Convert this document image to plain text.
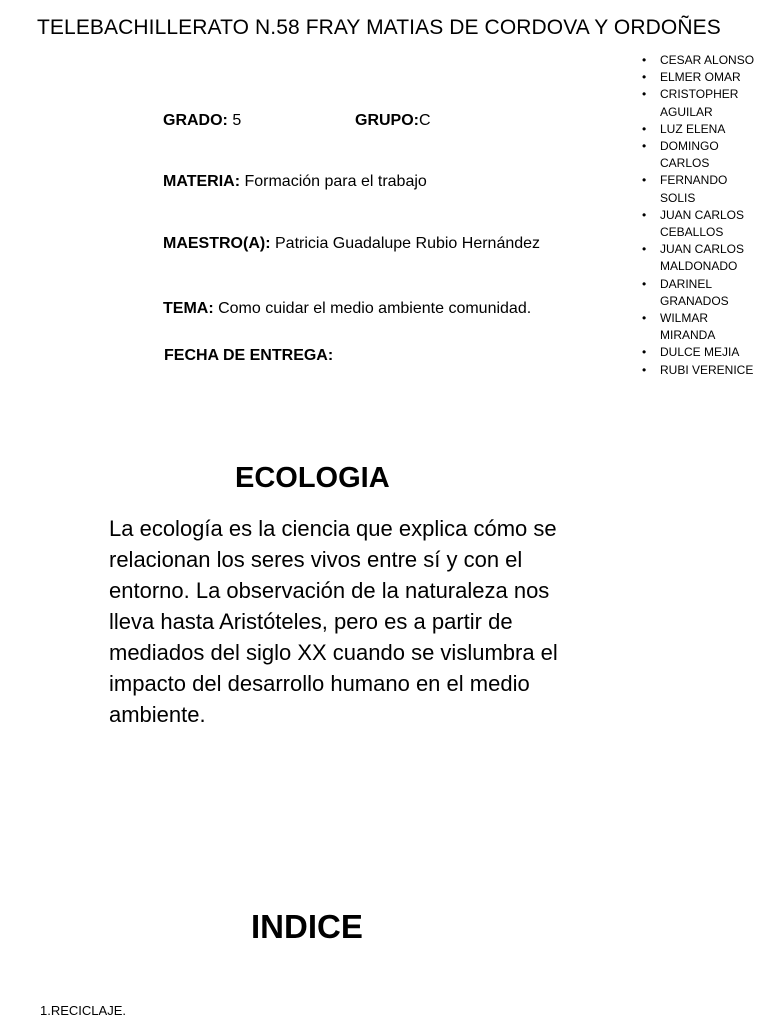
TELEBACHILLERATO N.58 FRAY MATIAS DE CORDOVA Y ORDOÑES
GRADO: 5	GRUPO:C
MATERIA: Formación para el trabajo
MAESTRO(A): Patricia Guadalupe Rubio Hernández
TEMA: Como cuidar el medio ambiente comunidad.
FECHA DE ENTREGA:
• CESAR ALONSO
• ELMER OMAR
• CRISTOPHER AGUILAR
• LUZ ELENA
• DOMINGO CARLOS
• FERNANDO SOLIS
• JUAN CARLOS CEBALLOS
• JUAN CARLOS MALDONADO
• DARINEL GRANADOS
• WILMAR MIRANDA
• DULCE MEJIA
• RUBI VERENICE
ECOLOGIA

La ecología es la ciencia que explica cómo se relacionan los seres vivos entre sí y con el entorno. La observación de la naturaleza nos lleva hasta Aristóteles, pero es a partir de mediados del siglo XX cuando se vislumbra el impacto del desarrollo humano en el medio ambiente.

INDICE
1.RECICLAJE.
